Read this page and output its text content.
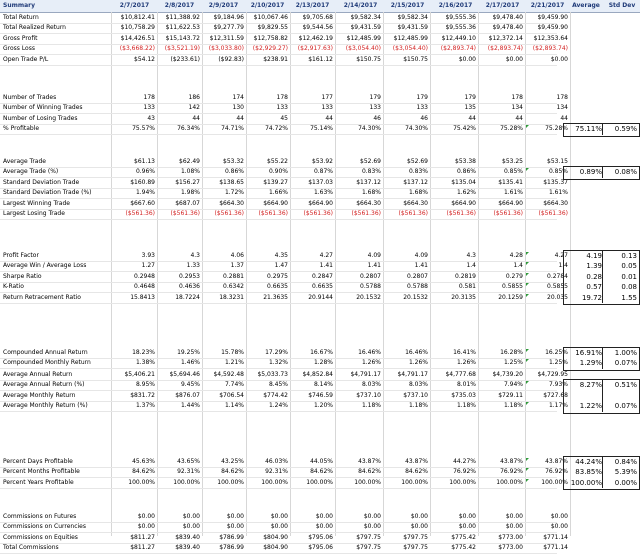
Summary	2/7/2017	2/8/2017	2/9/2017	2/10/2017	2/13/2017	2/14/2017	2/15/2017	2/16/2017	2/17/2017	2/21/2017	Average	Std Dev
Total Return	$10,812.41	$11,388.92	$9,184.96	$10,067.46	$9,705.68	$9,582.34	$9,582.34	$9,555.36	$9,478.40	$9,459.90
Total Realized Return	$10,758.29	$11,622.53	$9,277.79	$9,829.55	$9,544.56	$9,431.59	$9,431.59	$9,555.36	$9,478.40	$9,459.90
Gross Profit	$14,426.51	$15,143.72	$12,311.59	$12,758.82	$12,462.19	$12,485.99	$12,485.99	$12,449.10	$12,372.14	$12,353.64
Gross Loss	($3,668.22)	($3,521.19)	($3,033.80)	($2,929.27)	($2,917.63)	($3,054.40)	($3,054.40)	($2,893.74)	($2,893.74)	($2,893.74)
Open Trade P/L	$54.12	($233.61)	($92.83)	$238.91	$161.12	$150.75	$150.75	$0.00	$0.00	$0.00
Number of Trades	178	186	174	178	177	179	179	179	178	178
Number of Winning Trades	133	142	130	133	133	133	133	135	134	134
Number of Losing Trades	43	44	44	45	44	46	46	44	44	44
% Profitable	75.57%	76.34%	74.71%	74.72%	75.14%	74.30%	74.30%	75.42%	75.28%	75.28%	75.11%	0.59%
Average Trade	$61.13	$62.49	$53.32	$55.22	$53.92	$52.69	$52.69	$53.38	$53.25	$53.15
Average Trade (%)	0.96%	1.08%	0.86%	0.90%	0.87%	0.83%	0.83%	0.86%	0.85%	0.85%	0.89%	0.08%
Standard Deviation Trade	$160.89	$156.27	$138.65	$139.27	$137.03	$137.12	$137.12	$135.04	$135.41	$135.37
Standard Deviation Trade (%)	1.94%	1.98%	1.72%	1.66%	1.63%	1.68%	1.68%	1.62%	1.61%	1.61%
Largest Winning Trade	$667.60	$687.07	$664.30	$664.90	$664.90	$664.30	$664.30	$664.90	$664.90	$664.30
Largest Losing Trade	($561.36)	($561.36)	($561.36)	($561.36)	($561.36)	($561.36)	($561.36)	($561.36)	($561.36)	($561.36)
Profit Factor	3.93	4.3	4.06	4.35	4.27	4.09	4.09	4.3	4.28	4.27	4.19	0.13
Average Win / Average Loss	1.27	1.33	1.37	1.47	1.41	1.41	1.41	1.4	1.4	1.4	1.39	0.05
Sharpe Ratio	0.2948	0.2953	0.2881	0.2975	0.2847	0.2807	0.2807	0.2819	0.279	0.2784	0.28	0.01
K-Ratio	0.4648	0.4636	0.6342	0.6635	0.6635	0.5788	0.5788	0.581	0.5855	0.5855	0.57	0.08
Return Retracement Ratio	15.8413	18.7224	18.3231	21.3635	20.9144	20.1532	20.1532	20.3135	20.1259	20.035	19.72	1.55
Compounded Annual Return	18.23%	19.25%	15.78%	17.29%	16.67%	16.46%	16.46%	16.41%	16.28%	16.25%	16.91%	1.00%
Compounded Monthly Return	1.38%	1.46%	1.21%	1.32%	1.28%	1.26%	1.26%	1.26%	1.25%	1.25%	1.29%	0.07%
Average Annual Return	$5,406.21	$5,694.46	$4,592.48	$5,033.73	$4,852.84	$4,791.17	$4,791.17	$4,777.68	$4,739.20	$4,729.95
Average Annual Return (%)	8.95%	9.45%	7.74%	8.45%	8.14%	8.03%	8.03%	8.01%	7.94%	7.93%	8.27%	0.51%
Average Monthly Return	$831.72	$876.07	$706.54	$774.42	$746.59	$737.10	$737.10	$735.03	$729.11	$727.68
Average Monthly Return (%)	1.37%	1.44%	1.14%	1.24%	1.20%	1.18%	1.18%	1.18%	1.18%	1.17%	1.22%	0.07%
Percent Days Profitable	45.63%	43.65%	43.25%	46.03%	44.05%	43.87%	43.87%	44.27%	43.87%	43.87%	44.24%	0.84%
Percent Months Profitable	84.62%	92.31%	84.62%	92.31%	84.62%	84.62%	84.62%	76.92%	76.92%	76.92%	83.85%	5.39%
Percent Years Profitable	100.00%	100.00%	100.00%	100.00%	100.00%	100.00%	100.00%	100.00%	100.00%	100.00% 100.00%	0.00%
Commissions on Futures	$0.00	$0.00	$0.00	$0.00	$0.00	$0.00	$0.00	$0.00	$0.00	$0.00
Commissions on Currencies	$0.00	$0.00	$0.00	$0.00	$0.00	$0.00	$0.00	$0.00	$0.00	$0.00
Commissions on Equities	$811.27	$839.40	$786.99	$804.90	$795.06	$797.75	$797.75	$775.42	$773.00	$771.14
Total Commissions	$811.27	$839.40	$786.99	$804.90	$795.06	$797.75	$797.75	$775.42	$773.00	$771.14
